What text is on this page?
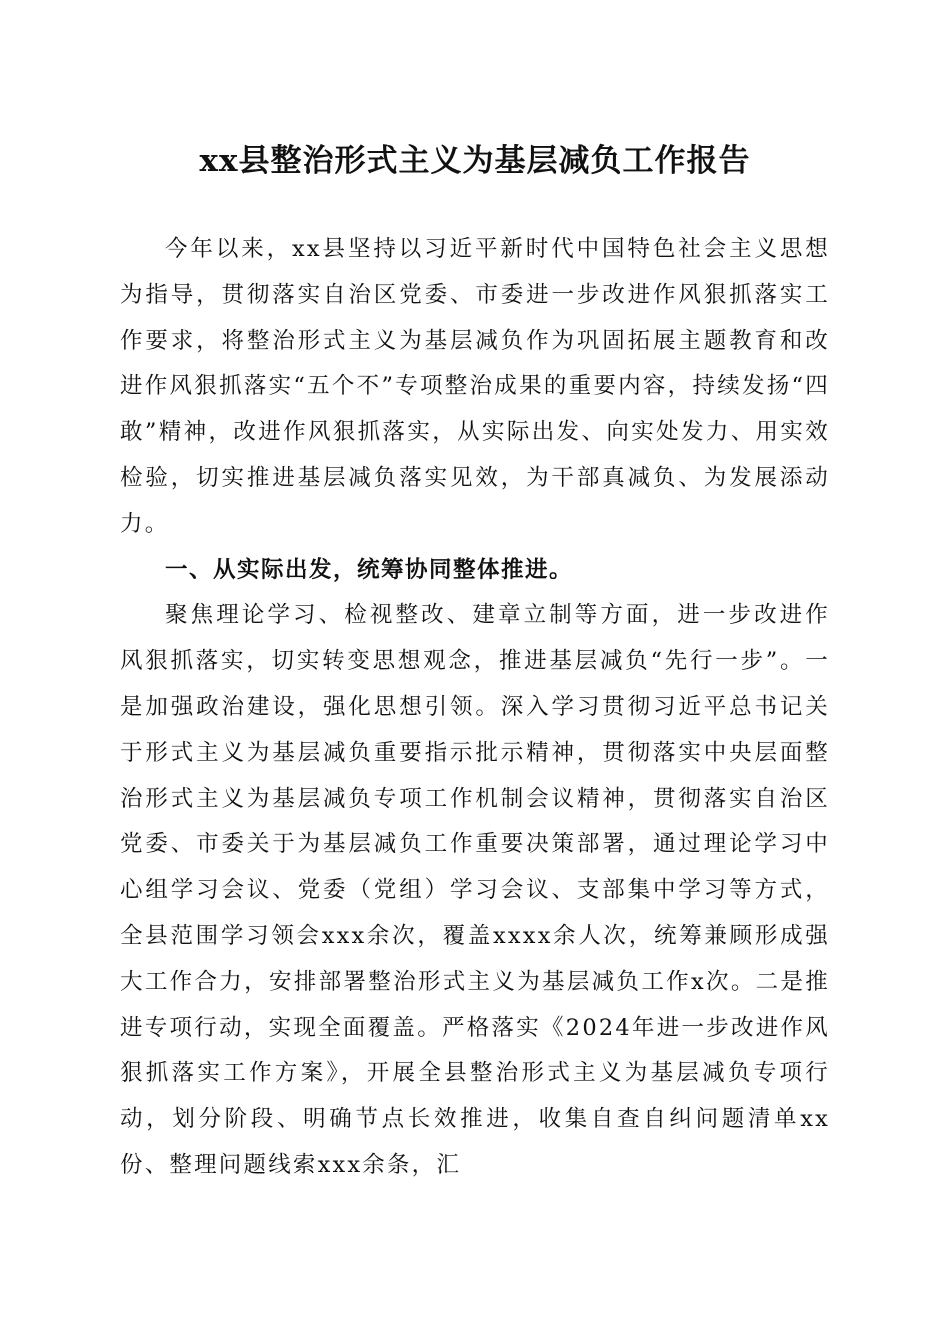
xx县整治形式主义为基层减负工作报告

今年以来，xx县坚持以习近平新时代中国特色社会主义思想为指导，贯彻落实自治区党委、市委进一步改进作风狠抓落实工作要求，将整治形式主义为基层减负作为巩固拓展主题教育和改进作风狠抓落实“五个不”专项整治成果的重要内容，持续发扬“四敢”精神，改进作风狠抓落实，从实际出发、向实处发力、用实效检验，切实推进基层减负落实见效，为干部真减负、为发展添动力。

一、从实际出发，统筹协同整体推进。

聚焦理论学习、检视整改、建章立制等方面，进一步改进作风狠抓落实，切实转变思想观念，推进基层减负“先行一步”。一是加强政治建设，强化思想引领。深入学习贯彻习近平总书记关于形式主义为基层减负重要指示批示精神，贯彻落实中央层面整治形式主义为基层减负专项工作机制会议精神，贯彻落实自治区党委、市委关于为基层减负工作重要决策部署，通过理论学习中心组学习会议、党委（党组）学习会议、支部集中学习等方式，全县范围学习领会xxx余次，覆盖xxxx余人次，统筹兼顾形成强大工作合力，安排部署整治形式主义为基层减负工作x次。二是推进专项行动，实现全面覆盖。严格落实《2024年进一步改进作风狠抓落实工作方案》，开展全县整治形式主义为基层减负专项行动，划分阶段、明确节点长效推进，收集自查自纠问题清单xx份、整理问题线索xxx余条，汇
